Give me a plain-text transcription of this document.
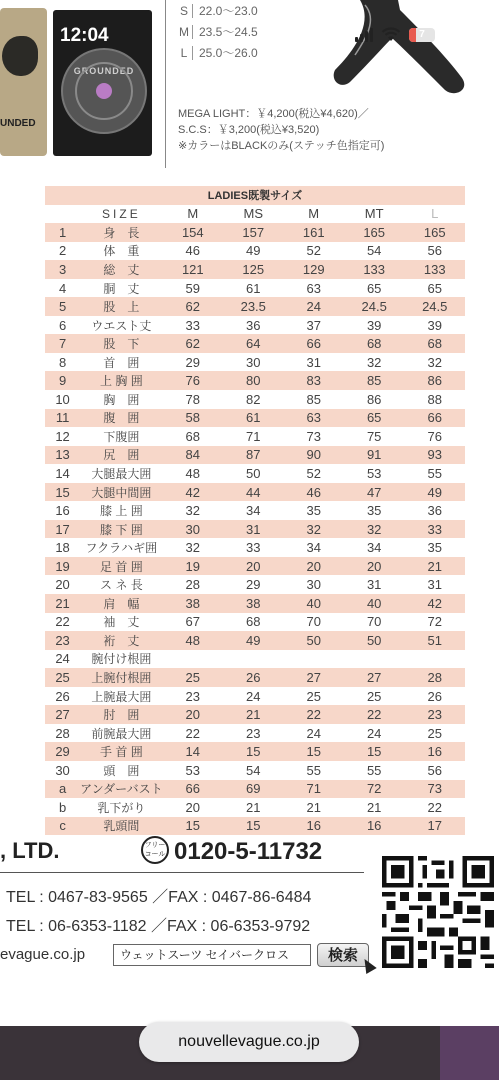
UNDED
GROUNDED
S 22.0〜23.0
M 23.5〜24.5
L 25.0〜26.0
MEGA LIGHT：￥4,200(税込¥4,620)／
S.C.S：￥3,200(税込¥3,520)
※カラーはBLACKのみ(ステッチ色指定可)
12:04	7
LADIES既製サイズ						
	SIZE	M	MS	M	MT	L
1	身　長	154	157	161	165	165
2	体　重	46	49	52	54	56
3	総　丈	121	125	129	133	133
4	胴　丈	59	61	63	65	65
5	股　上	62	23.5	24	24.5	24.5
6	ウエスト丈	33	36	37	39	39
7	股　下	62	64	66	68	68
8	首　囲	29	30	31	32	32
9	上 胸 囲	76	80	83	85	86
10	胸　囲	78	82	85	86	88
11	腹　囲	58	61	63	65	66
12	下腹囲	68	71	73	75	76
13	尻　囲	84	87	90	91	93
14	大腿最大囲	48	50	52	53	55
15	大腿中間囲	42	44	46	47	49
16	膝 上 囲	32	34	35	35	36
17	膝 下 囲	30	31	32	32	33
18	フクラハギ囲	32	33	34	34	35
19	足 首 囲	19	20	20	20	21
20	ス ネ 長	28	29	30	31	31
21	肩　幅	38	38	40	40	42
22	袖　丈	67	68	70	70	72
23	裄　丈	48	49	50	50	51
24	腕付け根囲					
25	上腕付根囲	25	26	27	27	28
26	上腕最大囲	23	24	25	25	26
27	肘　囲	20	21	22	22	23
28	前腕最大囲	22	23	24	24	25
29	手 首 囲	14	15	15	15	16
30	頭　囲	53	54	55	55	56
a	アンダーバスト	66	69	71	72	73
b	乳下がり	20	21	21	21	22
c	乳頭間	15	15	16	16	17
, LTD.	フリーコール 0120-5-11732
TEL : 0467-83-9565 ／FAX : 0467-86-6484
TEL : 06-6353-1182 ／FAX : 06-6353-9792
evague.co.jp	ウェットスーツ セイバークロス	検索
nouvellevague.co.jp
